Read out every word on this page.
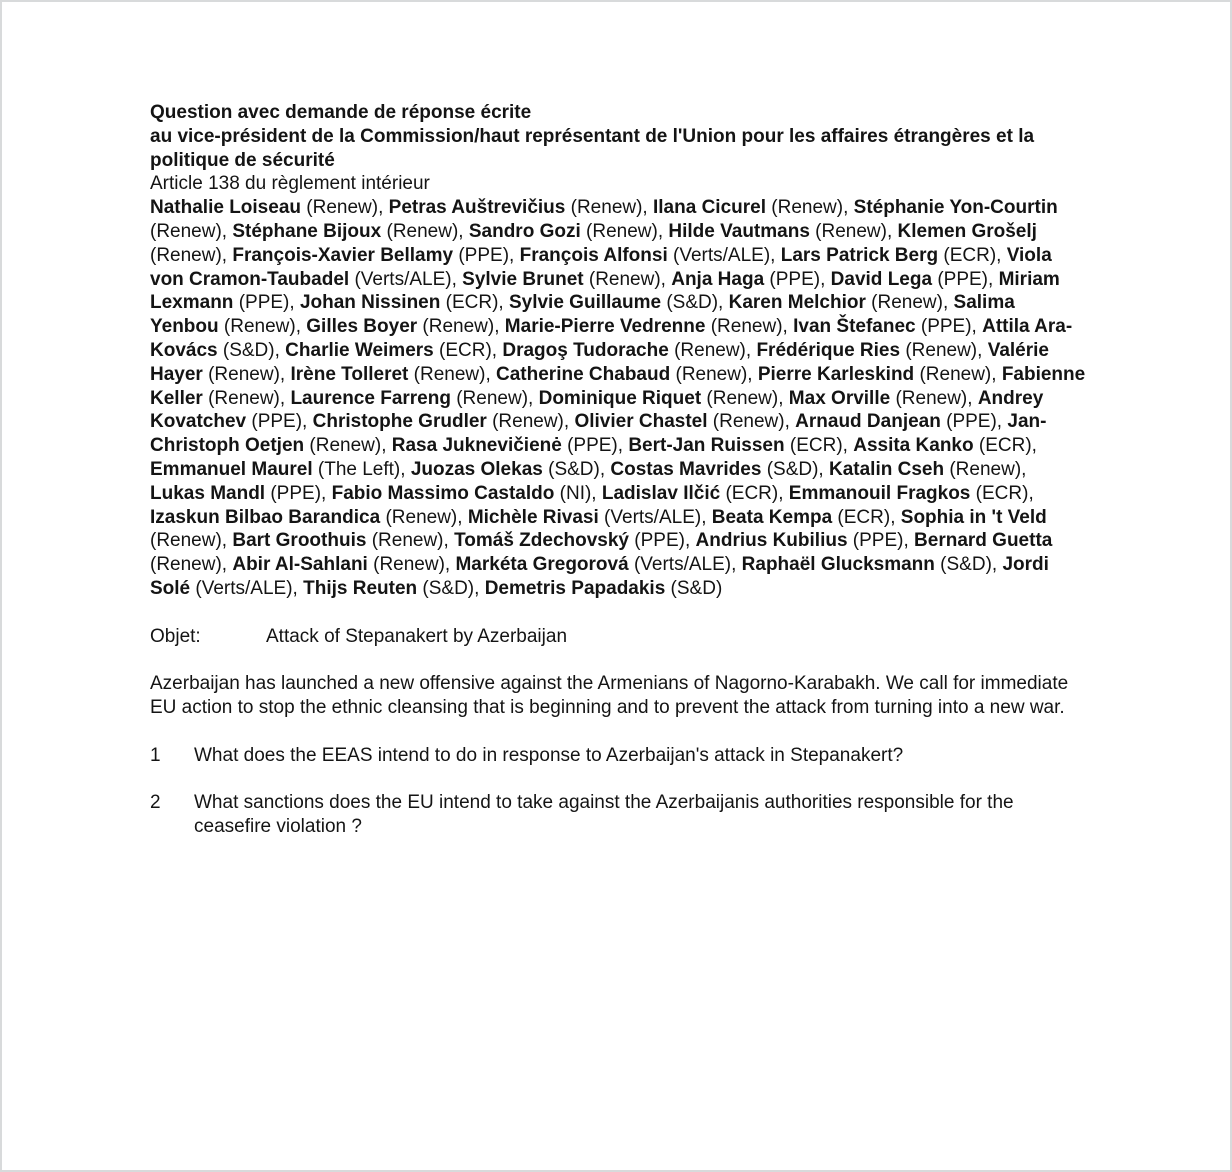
Question avec demande de réponse écrite
au vice-président de la Commission/haut représentant de l'Union pour les affaires étrangères et la politique de sécurité

Article 138 du règlement intérieur

Nathalie Loiseau (Renew), Petras Auštrevičius (Renew), Ilana Cicurel (Renew), Stéphanie Yon-Courtin (Renew), Stéphane Bijoux (Renew), Sandro Gozi (Renew), Hilde Vautmans (Renew), Klemen Grošelj (Renew), François-Xavier Bellamy (PPE), François Alfonsi (Verts/ALE), Lars Patrick Berg (ECR), Viola von Cramon-Taubadel (Verts/ALE), Sylvie Brunet (Renew), Anja Haga (PPE), David Lega (PPE), Miriam Lexmann (PPE), Johan Nissinen (ECR), Sylvie Guillaume (S&D), Karen Melchior (Renew), Salima Yenbou (Renew), Gilles Boyer (Renew), Marie-Pierre Vedrenne (Renew), Ivan Štefanec (PPE), Attila Ara-Kovács (S&D), Charlie Weimers (ECR), Dragoş Tudorache (Renew), Frédérique Ries (Renew), Valérie Hayer (Renew), Irène Tolleret (Renew), Catherine Chabaud (Renew), Pierre Karleskind (Renew), Fabienne Keller (Renew), Laurence Farreng (Renew), Dominique Riquet (Renew), Max Orville (Renew), Andrey Kovatchev (PPE), Christophe Grudler (Renew), Olivier Chastel (Renew), Arnaud Danjean (PPE), Jan-Christoph Oetjen (Renew), Rasa Juknevičienė (PPE), Bert-Jan Ruissen (ECR), Assita Kanko (ECR), Emmanuel Maurel (The Left), Juozas Olekas (S&D), Costas Mavrides (S&D), Katalin Cseh (Renew), Lukas Mandl (PPE), Fabio Massimo Castaldo (NI), Ladislav Ilčić (ECR), Emmanouil Fragkos (ECR), Izaskun Bilbao Barandica (Renew), Michèle Rivasi (Verts/ALE), Beata Kempa (ECR), Sophia in 't Veld (Renew), Bart Groothuis (Renew), Tomáš Zdechovský (PPE), Andrius Kubilius (PPE), Bernard Guetta (Renew), Abir Al-Sahlani (Renew), Markéta Gregorová (Verts/ALE), Raphaël Glucksmann (S&D), Jordi Solé (Verts/ALE), Thijs Reuten (S&D), Demetris Papadakis (S&D)

Objet:	Attack of Stepanakert by Azerbaijan

Azerbaijan has launched a new offensive against the Armenians of Nagorno-Karabakh. We call for immediate EU action to stop the ethnic cleansing that is beginning and to prevent the attack from turning into a new war.

1	What does the EEAS intend to do in response to Azerbaijan's attack in Stepanakert?
2	What sanctions does the EU intend to take against the Azerbaijanis authorities responsible for the ceasefire violation ?
